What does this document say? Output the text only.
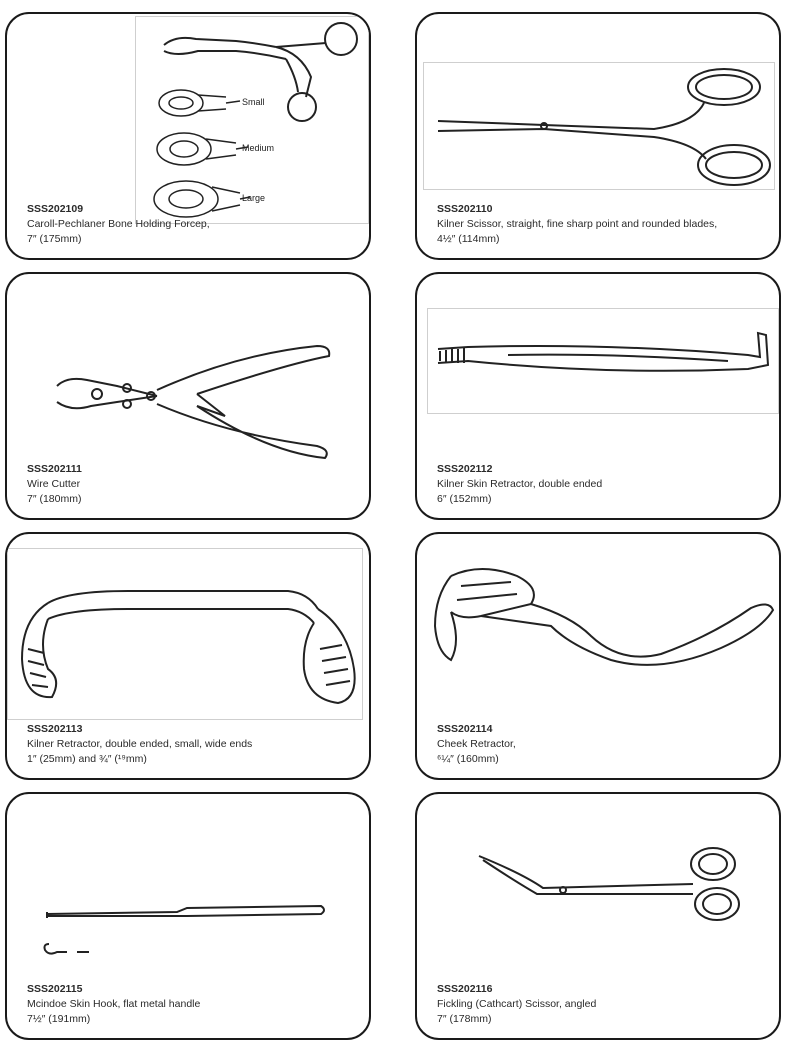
Small
Medium
Large
SSS202109
Caroll-Pechlaner Bone Holding Forcep,
7″ (175mm)
SSS202110
Kilner Scissor, straight, fine sharp point and rounded blades,
4½″ (114mm)
SSS202111
Wire Cutter
7″ (180mm)
SSS202112
Kilner Skin Retractor, double ended
6″ (152mm)
SSS202113
Kilner Retractor, double ended, small, wide ends
1″ (25mm) and ¾″ (¹⁹mm)
SSS202114
Cheek Retractor,
⁶¼″ (160mm)
SSS202115
Mcindoe Skin Hook, flat metal handle
7½″ (191mm)
SSS202116
Fickling (Cathcart) Scissor, angled
7″ (178mm)
